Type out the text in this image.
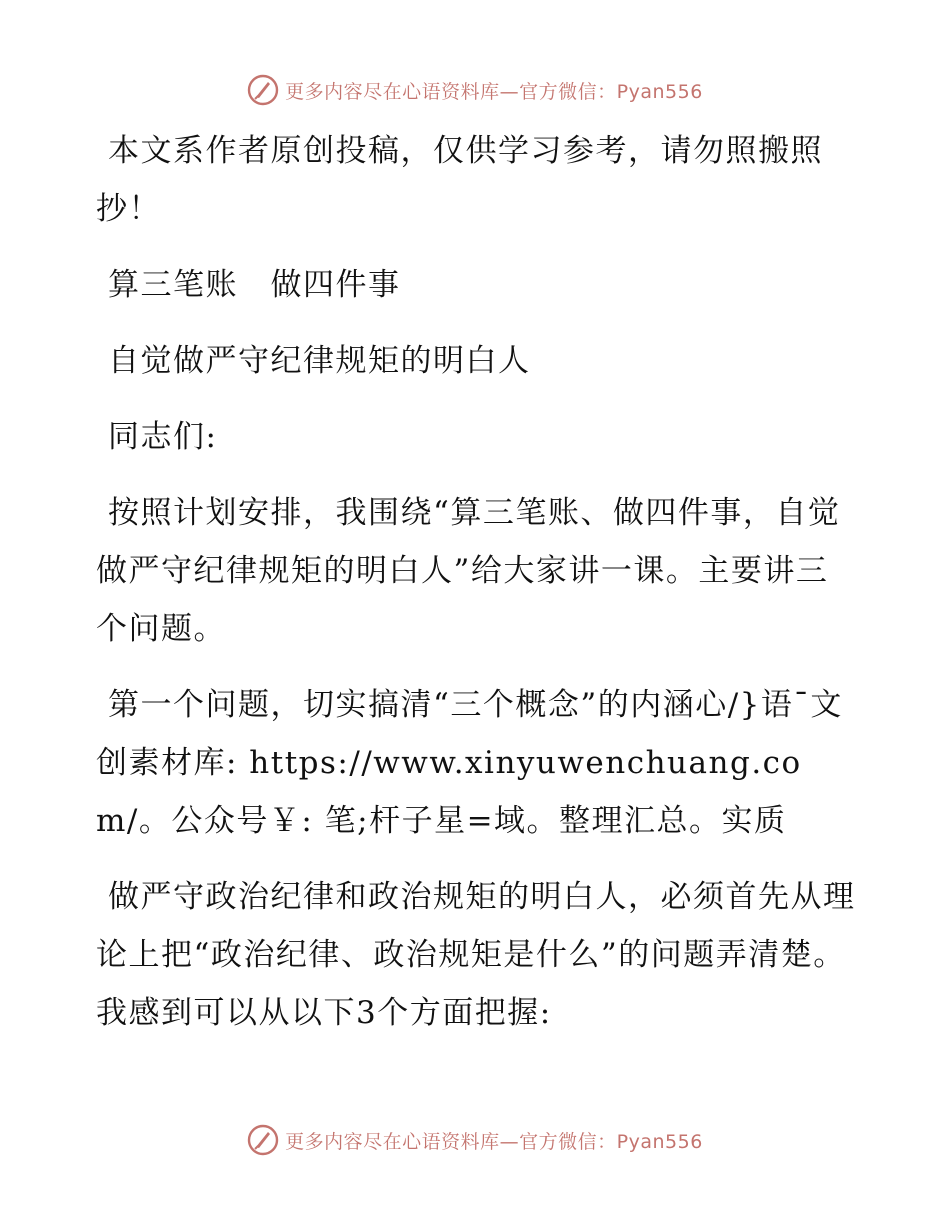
更多内容尽在心语资料库—官方微信：Pyan556

本文系作者原创投稿，仅供学习参考，请勿照搬照抄！

算三笔账　做四件事

自觉做严守纪律规矩的明白人

同志们:

按照计划安排，我围绕“算三笔账、做四件事，自觉做严守纪律规矩的明白人”给大家讲一课。主要讲三个问题。

第一个问题，切实搞清“三个概念”的内涵心/}语¯文创素材库: https://www.xinyuwenchuang.com/。公众号￥: 笔;杆子星=域。整理汇总。实质

做严守政治纪律和政治规矩的明白人，必须首先从理论上把“政治纪律、政治规矩是什么”的问题弄清楚。我感到可以从以下3个方面把握:

更多内容尽在心语资料库—官方微信：Pyan556
